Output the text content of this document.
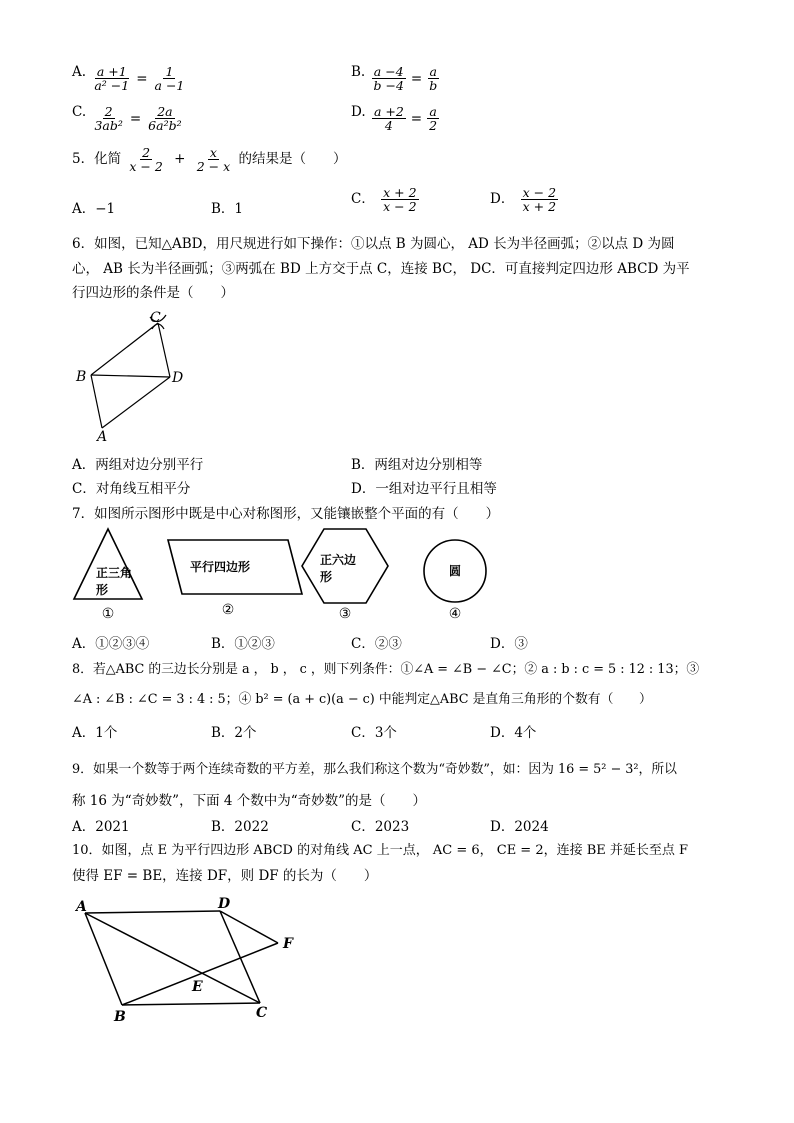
A. $\frac{a +1}{\text{a² −1}} = \frac{1}{a -1}$	B. $\frac{a -4}{b -4} = \frac{a}{b}$
C. $\frac{2}{\text{3ab²}} = \frac{2a}{\text{6a²b²}}$	D. $\frac{a +2}{4} = \frac{a}{2}$
5．化简 $\frac{2}{x - 2} + \frac{x}{2 - x}$ 的结果是（　　）
A．−1	B．1
C． $\frac{x + 2}{x - 2}$	D． $\frac{x - 2}{x + 2}$
6．如图，已知△ABD，用尺规进行如下操作：①以点 B 为圆心， AD 长为半径画弧；②以点 D 为圆
心， AB 长为半径画弧；③两弧在 BD 上方交于点 C，连接 BC， DC．可直接判定四边形 ABCD 为平
行四边形的条件是（　　）
C
B	D
A
A．两组对边分别平行	B．两组对边分别相等
C．对角线互相平分	D．一组对边平行且相等
7．如图所示图形中既是中心对称图形，又能镶嵌整个平面的有（　　）
正三角
形
①
平行四边形
②
正六边
形
③
圆
④
A．①②③④	B．①②③	C．②③	D．③
8．若△ABC 的三边长分别是 a ， b ， c ，则下列条件：①∠A = ∠B − ∠C；② a : b : c = 5 : 12 : 13；③
∠A : ∠B : ∠C = 3 : 4 : 5；④ b² = (a + c)(a − c) 中能判定△ABC 是直角三角形的个数有（　　）
A．1个	B．2个	C．3个	D．4个
9．如果一个数等于两个连续奇数的平方差，那么我们称这个数为“奇妙数”，如：因为 16 = 5² − 3²，所以
称 16 为“奇妙数”，下面 4 个数中为“奇妙数”的是（　　）
A．2021	B．2022	C．2023	D．2024
10．如图，点 E 为平行四边形 ABCD 的对角线 AC 上一点， AC = 6， CE = 2，连接 BE 并延长至点 F
使得 EF = BE，连接 DF，则 DF 的长为（　　）
A	D
F
E
B	C
